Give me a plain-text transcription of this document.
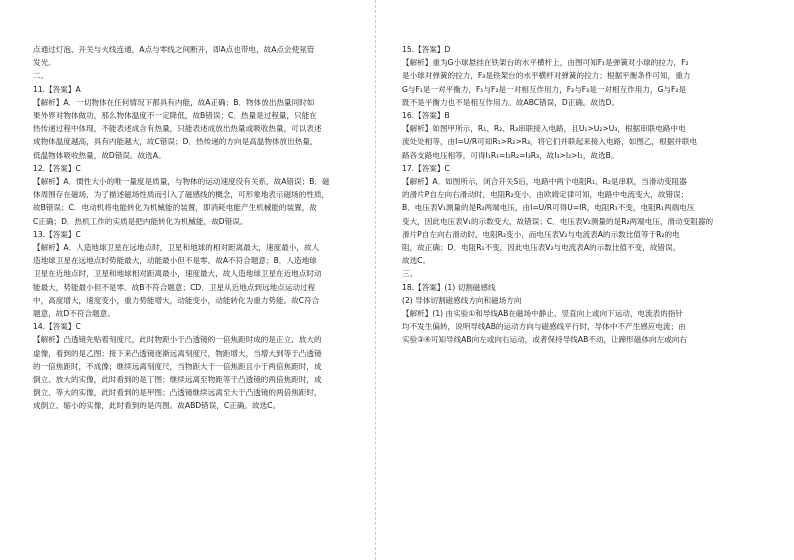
点通过灯泡、开关与火线连通，A点与零线之间断开，即A点也带电，故A点会使氖管

发光。

二、

11.【答案】A

【解析】A．一切物体在任何情况下都具有内能，故A正确；B．物体放出热量同时如

果外界对物体做功，那么物体温度不一定降低，故B错误；C．热量是过程量，只能在

热传递过程中体现，不能表述成含有热量，只能表述成放出热量或吸收热量，可以表述

成物体温度越高，具有内能越大，故C错误；D．热传递的方向是高温物体放出热量，

低温物体吸收热量，故D错误。故选A。

12.【答案】C

【解析】A．惯性大小的唯一量度是质量，与物体的运动速度没有关系，故A错误；B．磁

体周围存在磁场，为了描述磁场性质而引入了磁感线的概念，可形象地表示磁场的性质，

故B错误；C．电动机将电能转化为机械能的装置，即消耗电能产生机械能的装置，故

C正确；D．热机工作的实质是把内能转化为机械能，故D错误。

13.【答案】C

【解析】A．人造地球卫星在远地点时，卫星和地球的相对距离最大，速度最小，故人

造地球卫星在远地点时势能最大，动能最小但不是零。故A不符合题意；B．人造地球

卫星在近地点时，卫星和地球相对距离最小，速度最大，故人造地球卫星在近地点时动

能最大，势能最小但不是零。故B不符合题意；CD．卫星从近地点到远地点运动过程

中，高度增大，速度变小，重力势能增大，动能变小，动能转化为重力势能。故C符合

题意，故D不符合题意。

14.【答案】C

【解析】凸透镜先贴着刻度尺，此时物距小于凸透镜的一倍焦距时成的是正立、放大的

虚像，看到的是乙图；接下来凸透镜逐渐远离刻度尺，物距增大，当增大到等于凸透镜

的一倍焦距时，不成像；继续远离刻度尺，当物距大于一倍焦距且小于两倍焦距时，成

倒立、放大的实像，此时看到的是丁图；继续远离至物距等于凸透镜的两倍焦距时，成

倒立、等大的实像，此时看到的是甲图；凸透镜继续远离至大于凸透镜的两倍焦距时，

成倒立、缩小的实像，此时看到的是丙图。故ABD错误，C正确。故选C。

15.【答案】D

【解析】重为G小球悬挂在铁架台的水平横杆上，由图可知F₁是弹簧对小球的拉力，F₂

是小球对弹簧的拉力，F₃是铁架台的水平横杆对弹簧的拉力；根据平衡条件可知，重力

G与F₁是一对平衡力，F₁与F₂是一对相互作用力，F₂与F₃是一对相互作用力，G与F₂是

既不是平衡力也不是相互作用力。故ABC错误，D正确。故选D。

16.【答案】B

【解析】如图甲所示，R₁、R₂、R₃串联接入电路，且U₁>U₂>U₃，根据串联电路中电

流处处相等，由I=U/R可知R₁>R₂>R₃，将它们并联起来接入电路，如图乙，根据并联电

路各支路电压相等，可得I₁R₁=I₂R₂=I₃R₃，故I₃>I₂>I₁，故选B。

17.【答案】C

【解析】A．如图所示，闭合开关S后，电路中两个电阻R₁、R₂是串联，当滑动变阻器

的滑片P自左向右滑动时，电阻R₂变小，由欧姆定律可知，电路中电流变大，故错误；

B．电压表V₁测量的是R₂两端电压，由I=U/R可得U=IR，电阻R₁不变，电阻R₁两端电压

变大，因此电压表V₁的示数变大，故错误；C．电压表V₂测量的是R₂两端电压，滑动变阻器的

滑片P自左向右滑动时，电阻R₂变小，而电压表V₂与电流表A的示数比值等于R₂的电

阻，故正确；D．电阻R₁不变，因此电压表V₂与电流表A的示数比值不变，故错误。

故选C。

三、

18.【答案】(1) 切割磁感线

(2) 导体切割磁感线方向和磁场方向

【解析】(1) 由实验①和导线AB在磁场中静止、竖直向上或向下运动，电流表的指针

均不发生偏转，说明导线AB的运动方向与磁感线平行时，导体中不产生感应电流；由

实验③④可知导线AB向左或向右运动，或者保持导线AB不动，让蹄形磁体向左或向右
